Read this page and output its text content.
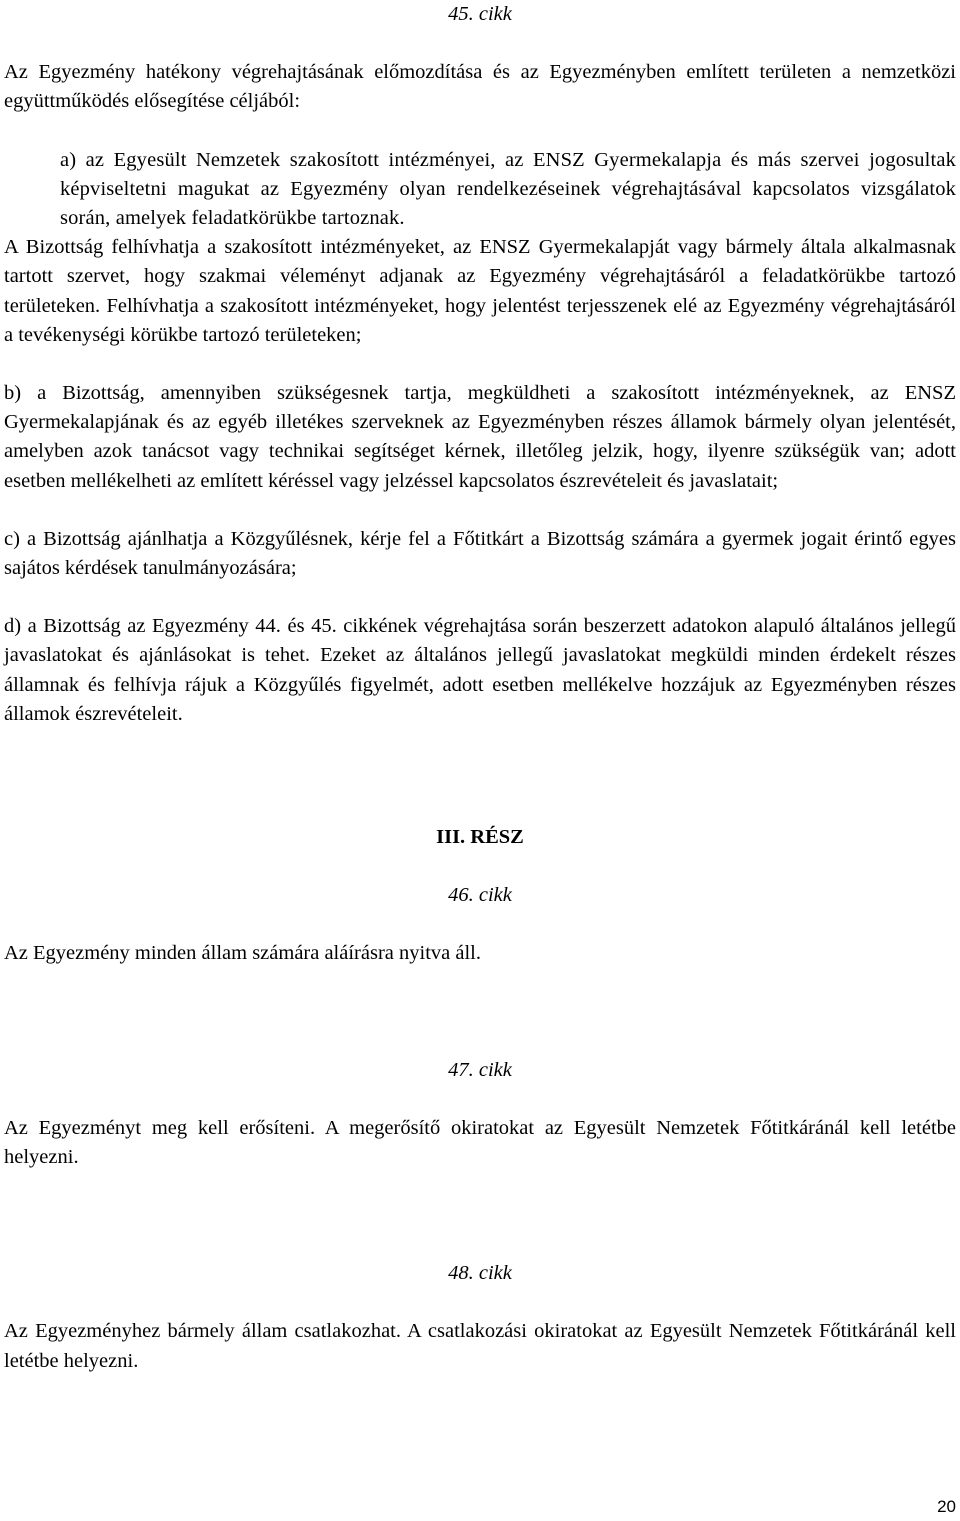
45. cikk

Az Egyezmény hatékony végrehajtásának előmozdítása és az Egyezményben említett területen a nemzetközi együttműködés elősegítése céljából:

a) az Egyesült Nemzetek szakosított intézményei, az ENSZ Gyermekalapja és más szervei jogosultak képviseltetni magukat az Egyezmény olyan rendelkezéseinek végrehajtásával kapcsolatos vizsgálatok során, amelyek feladatkörükbe tartoznak.

A Bizottság felhívhatja a szakosított intézményeket, az ENSZ Gyermekalapját vagy bármely általa alkalmasnak tartott szervet, hogy szakmai véleményt adjanak az Egyezmény végrehajtásáról a feladatkörükbe tartozó területeken. Felhívhatja a szakosított intézményeket, hogy jelentést terjesszenek elé az Egyezmény végrehajtásáról a tevékenységi körükbe tartozó területeken;

b) a Bizottság, amennyiben szükségesnek tartja, megküldheti a szakosított intézményeknek, az ENSZ Gyermekalapjának és az egyéb illetékes szerveknek az Egyezményben részes államok bármely olyan jelentését, amelyben azok tanácsot vagy technikai segítséget kérnek, illetőleg jelzik, hogy, ilyenre szükségük van; adott esetben mellékelheti az említett kéréssel vagy jelzéssel kapcsolatos észrevételeit és javaslatait;

c) a Bizottság ajánlhatja a Közgyűlésnek, kérje fel a Főtitkárt a Bizottság számára a gyermek jogait érintő egyes sajátos kérdések tanulmányozására;

d) a Bizottság az Egyezmény 44. és 45. cikkének végrehajtása során beszerzett adatokon alapuló általános jellegű javaslatokat és ajánlásokat is tehet. Ezeket az általános jellegű javaslatokat megküldi minden érdekelt részes államnak és felhívja rájuk a Közgyűlés figyelmét, adott esetben mellékelve hozzájuk az Egyezményben részes államok észrevételeit.

III. RÉSZ
46. cikk

Az Egyezmény minden állam számára aláírásra nyitva áll.

47. cikk

Az Egyezményt meg kell erősíteni. A megerősítő okiratokat az Egyesült Nemzetek Főtitkáránál kell letétbe helyezni.

48. cikk

Az Egyezményhez bármely állam csatlakozhat. A csatlakozási okiratokat az Egyesült Nemzetek Főtitkáránál kell letétbe helyezni.

20
